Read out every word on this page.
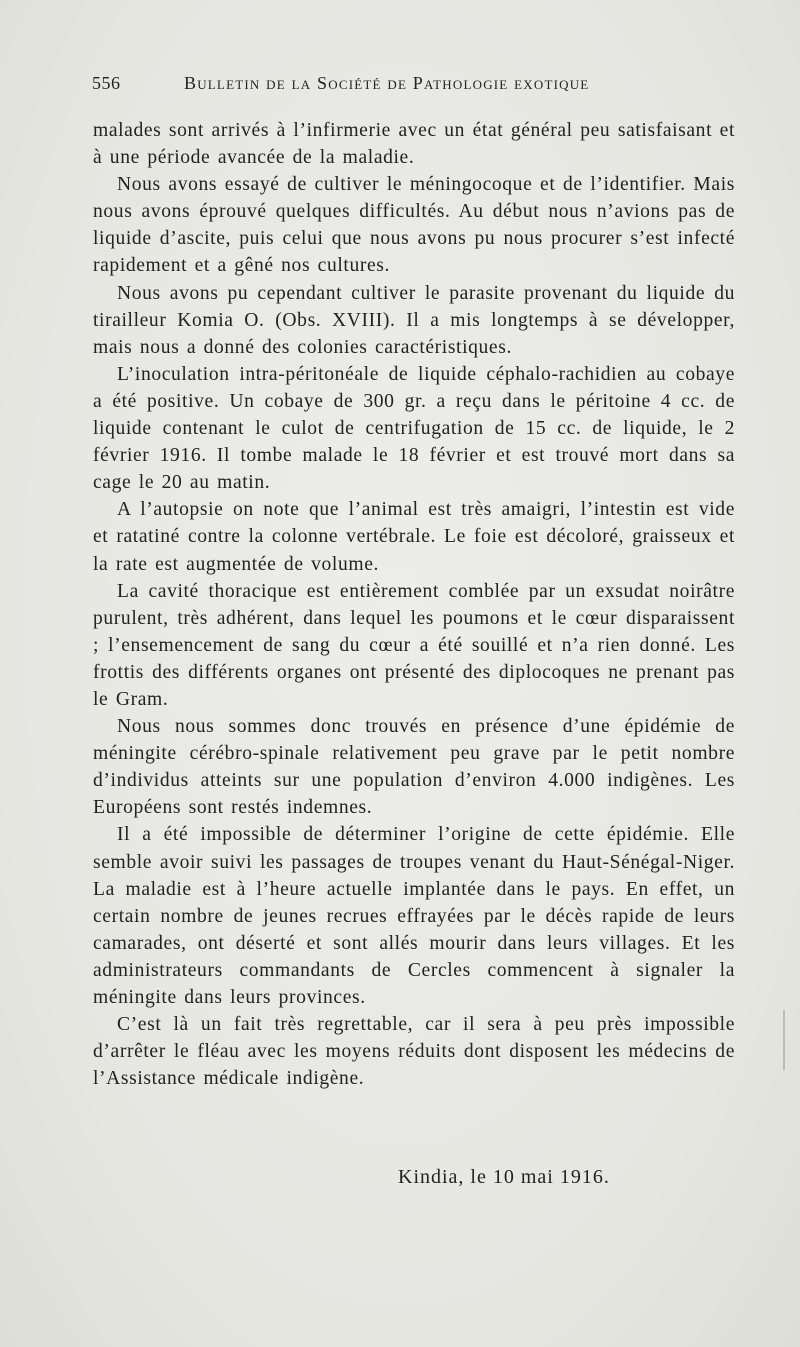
556	Bulletin de la Société de Pathologie exotique

malades sont arrivés à l’infirmerie avec un état général peu satisfaisant et à une période avancée de la maladie.

Nous avons essayé de cultiver le méningocoque et de l’identifier. Mais nous avons éprouvé quelques difficultés. Au début nous n’avions pas de liquide d’ascite, puis celui que nous avons pu nous procurer s’est infecté rapidement et a gêné nos cultures.

Nous avons pu cependant cultiver le parasite provenant du liquide du tirailleur Komia O. (Obs. XVIII). Il a mis longtemps à se développer, mais nous a donné des colonies caractéristiques.

L’inoculation intra-péritonéale de liquide céphalo-rachidien au cobaye a été positive. Un cobaye de 300 gr. a reçu dans le péritoine 4 cc. de liquide contenant le culot de centrifugation de 15 cc. de liquide, le 2 février 1916. Il tombe malade le 18 février et est trouvé mort dans sa cage le 20 au matin.

A l’autopsie on note que l’animal est très amaigri, l’intestin est vide et ratatiné contre la colonne vertébrale. Le foie est décoloré, graisseux et la rate est augmentée de volume.

La cavité thoracique est entièrement comblée par un exsudat noirâtre purulent, très adhérent, dans lequel les poumons et le cœur disparaissent ; l’ensemencement de sang du cœur a été souillé et n’a rien donné. Les frottis des différents organes ont présenté des diplocoques ne prenant pas le Gram.

Nous nous sommes donc trouvés en présence d’une épidémie de méningite cérébro-spinale relativement peu grave par le petit nombre d’individus atteints sur une population d’environ 4.000 indigènes. Les Européens sont restés indemnes.

Il a été impossible de déterminer l’origine de cette épidémie. Elle semble avoir suivi les passages de troupes venant du Haut-Sénégal-Niger. La maladie est à l’heure actuelle implantée dans le pays. En effet, un certain nombre de jeunes recrues effrayées par le décès rapide de leurs camarades, ont déserté et sont allés mourir dans leurs villages. Et les administrateurs commandants de Cercles commencent à signaler la méningite dans leurs provinces.

C’est là un fait très regrettable, car il sera à peu près impossible d’arrêter le fléau avec les moyens réduits dont disposent les médecins de l’Assistance médicale indigène.

Kindia, le 10 mai 1916.
